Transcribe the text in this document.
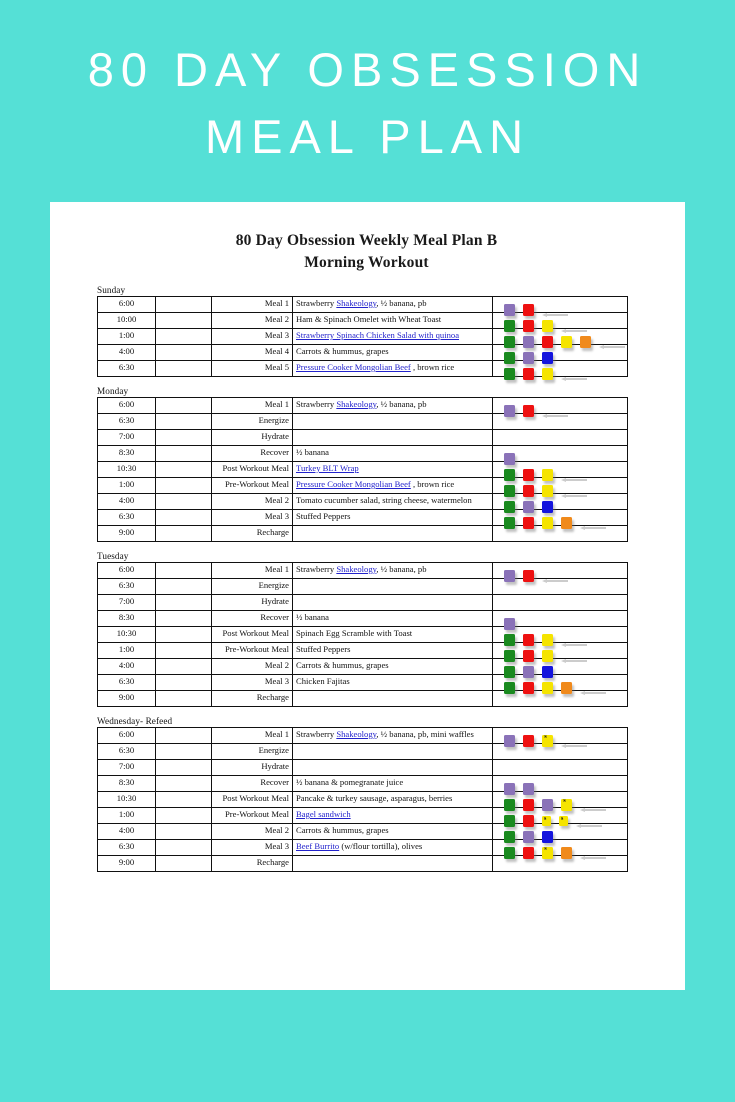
80 DAY OBSESSION
MEAL PLAN
80 Day Obsession Weekly Meal Plan B
Morning Workout
Sunday
6:00		Meal 1	Strawberry Shakeology, ½ banana, pb	

10:00		Meal 2	Ham & Spinach Omelet with Wheat Toast	

1:00		Meal 3	Strawberry Spinach Chicken Salad with quinoa	

4:00		Meal 4	Carrots & hummus, grapes	

6:30		Meal 5	Pressure Cooker Mongolian Beef , brown rice	
Monday
6:00		Meal 1	Strawberry Shakeology, ½ banana, pb	

6:30		Energize		

7:00		Hydrate		

8:30		Recover	½ banana	

10:30		Post Workout Meal	Turkey BLT Wrap	

1:00		Pre-Workout Meal	Pressure Cooker Mongolian Beef , brown rice	

4:00		Meal 2	Tomato cucumber salad, string cheese, watermelon	

6:30		Meal 3	Stuffed Peppers	

9:00		Recharge		

Tuesday
6:00		Meal 1	Strawberry Shakeology, ½ banana, pb	

6:30		Energize		

7:00		Hydrate		

8:30		Recover	½ banana	

10:30		Post Workout Meal	Spinach Egg Scramble with Toast	

1:00		Pre-Workout Meal	Stuffed Peppers	

4:00		Meal 2	Carrots & hummus, grapes	

6:30		Meal 3	Chicken Fajitas	

9:00		Recharge		

Wednesday- Refeed
6:00		Meal 1	Strawberry Shakeology, ½ banana, pb, mini waffles	s

6:30		Energize		

7:00		Hydrate		

8:30		Recover	½ banana & pomegranate juice	

10:30		Post Workout Meal	Pancake & turkey sausage, asparagus, berries	s

1:00		Pre-Workout Meal	Bagel sandwich	s s

4:00		Meal 2	Carrots & hummus, grapes	

6:30		Meal 3	Beef Burrito (w/flour tortilla), olives	s

9:00		Recharge		
